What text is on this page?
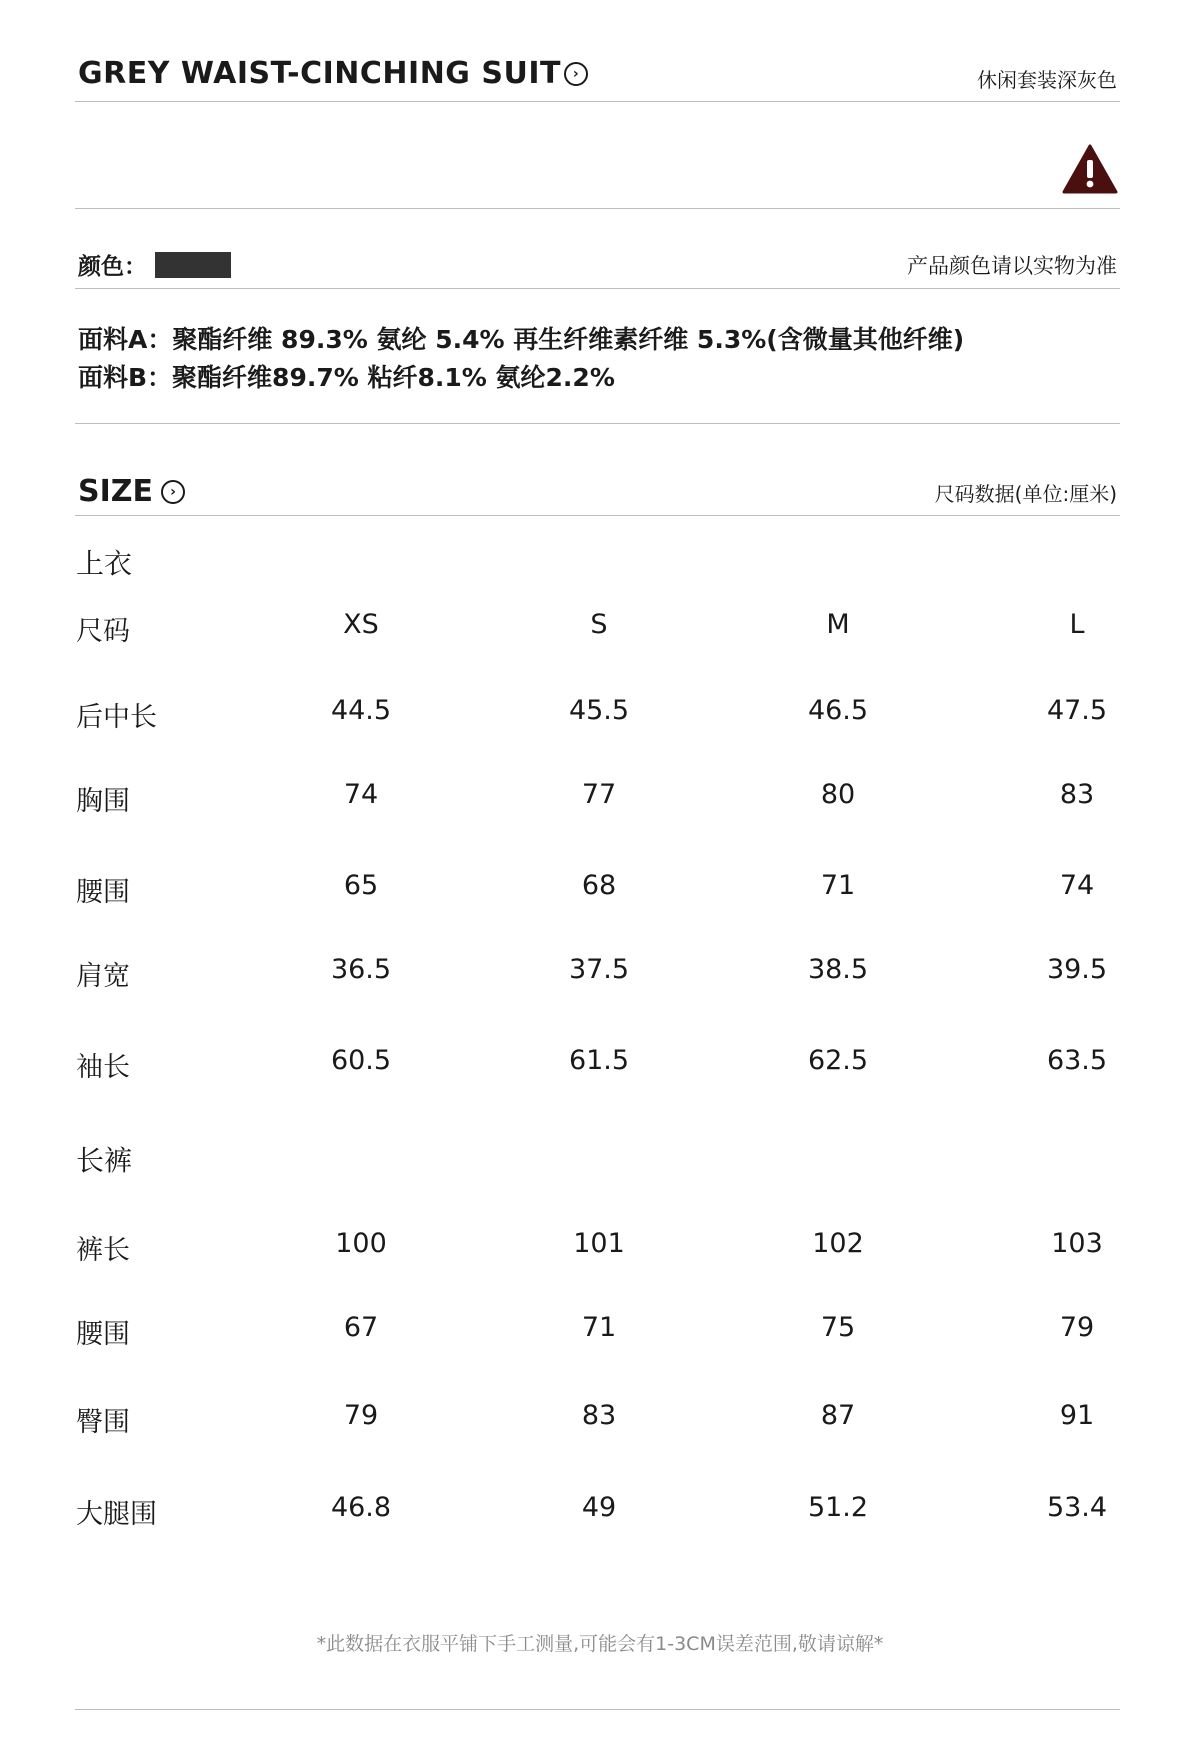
GREY WAIST-CINCHING SUIT ›	休闲套装深灰色
颜色：	产品颜色请以实物为准
面料A：聚酯纤维 89.3% 氨纶 5.4% 再生纤维素纤维 5.3%(含微量其他纤维)
面料B：聚酯纤维89.7% 粘纤8.1% 氨纶2.2%
SIZE	›	尺码数据(单位:厘米)
上衣
尺码	XS	S	M	L
后中长	44.5	45.5	46.5	47.5
胸围	74	77	80	83
腰围	65	68	71	74
肩宽	36.5	37.5	38.5	39.5
袖长	60.5	61.5	62.5	63.5
长裤
裤长	100	101	102	103
腰围	67	71	75	79
臀围	79	83	87	91
大腿围	46.8	49	51.2	53.4
*此数据在衣服平铺下手工测量,可能会有1-3CM误差范围,敬请谅解*
